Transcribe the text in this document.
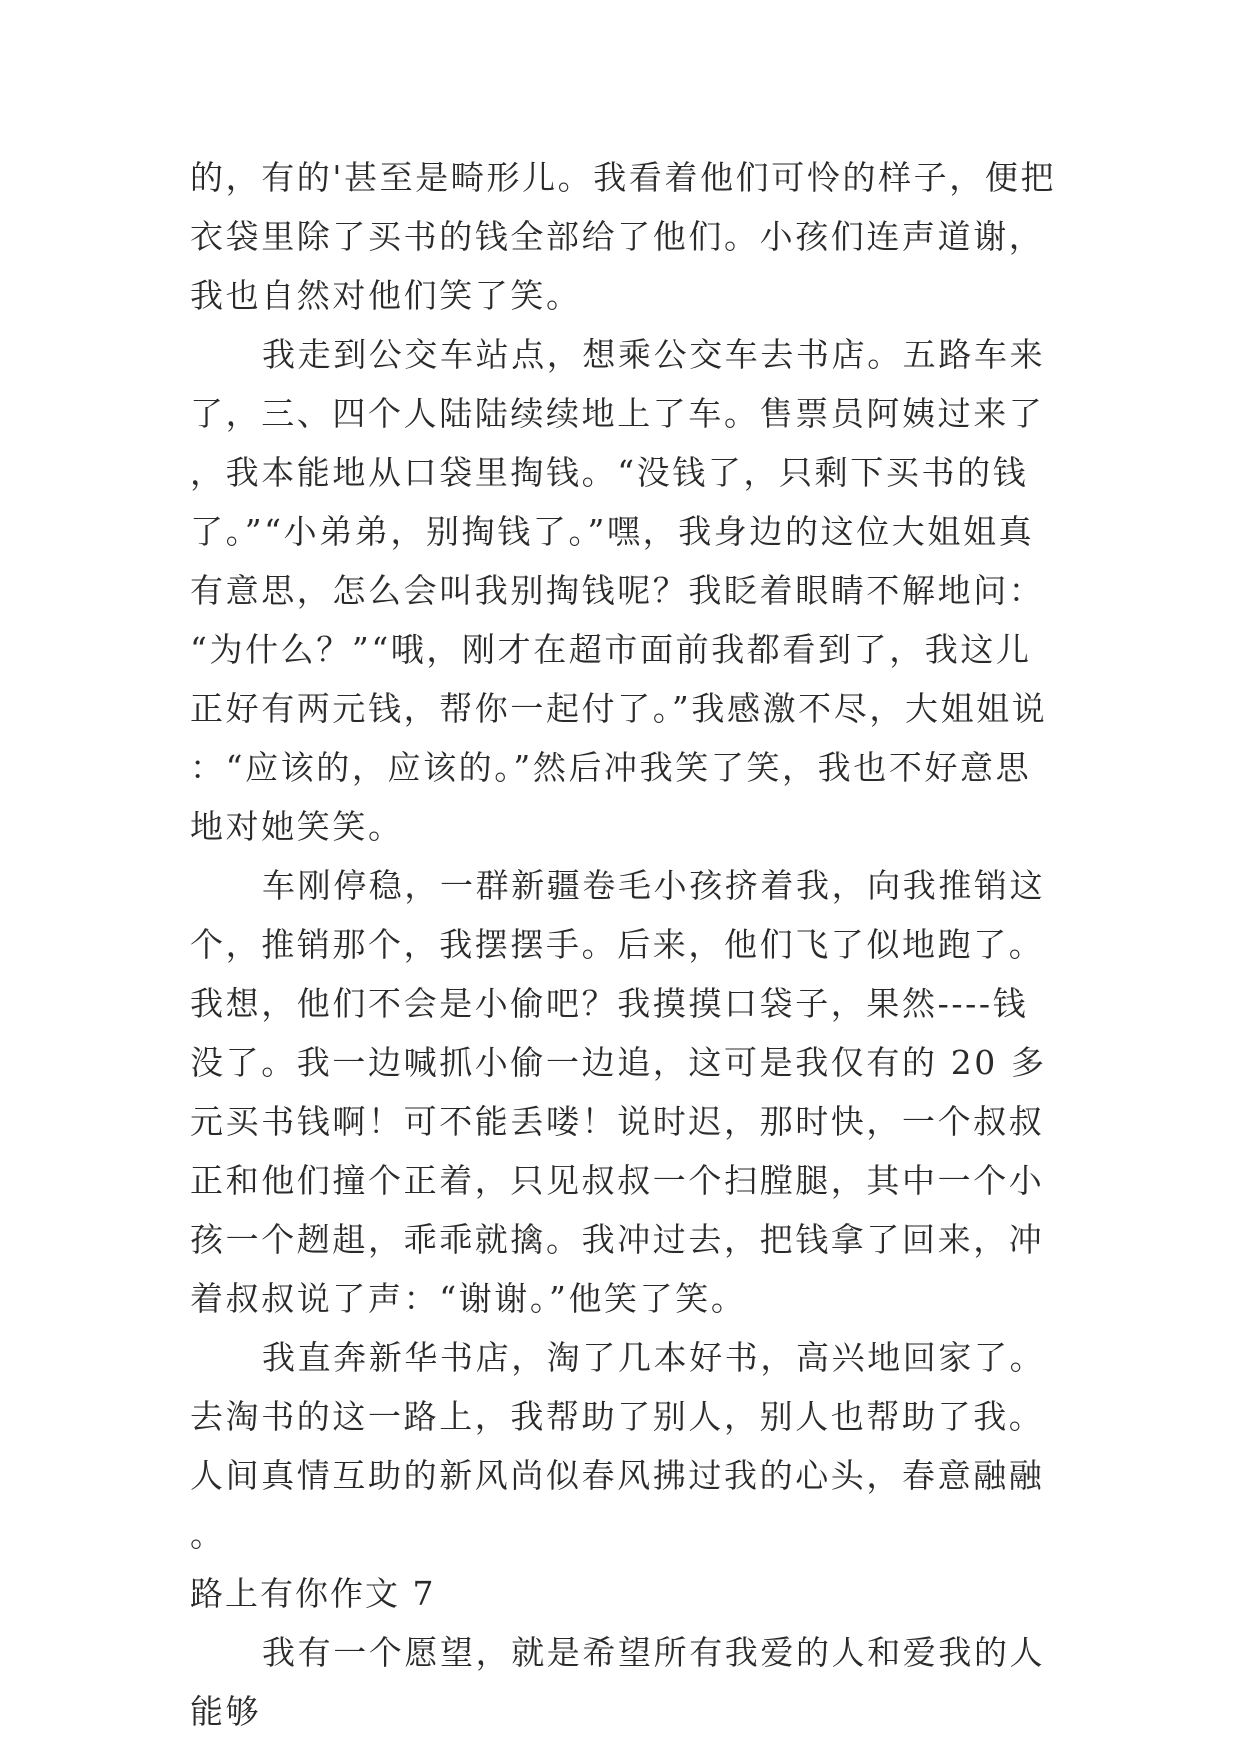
的，有的'甚至是畸形儿。我看着他们可怜的样子，便把衣袋里除了买书的钱全部给了他们。小孩们连声道谢，我也自然对他们笑了笑。

我走到公交车站点，想乘公交车去书店。五路车来了，三、四个人陆陆续续地上了车。售票员阿姨过来了，我本能地从口袋里掏钱。“没钱了，只剩下买书的钱了。”“小弟弟，别掏钱了。”嘿，我身边的这位大姐姐真有意思，怎么会叫我别掏钱呢？我眨着眼睛不解地问：“为什么？”“哦，刚才在超市面前我都看到了，我这儿正好有两元钱，帮你一起付了。”我感激不尽，大姐姐说：“应该的，应该的。”然后冲我笑了笑，我也不好意思地对她笑笑。

车刚停稳，一群新疆卷毛小孩挤着我，向我推销这个，推销那个，我摆摆手。后来，他们飞了似地跑了。我想，他们不会是小偷吧？我摸摸口袋子，果然----钱没了。我一边喊抓小偷一边追，这可是我仅有的 20 多元买书钱啊！可不能丢喽！说时迟，那时快，一个叔叔正和他们撞个正着，只见叔叔一个扫膛腿，其中一个小孩一个趔趄，乖乖就擒。我冲过去，把钱拿了回来，冲着叔叔说了声：“谢谢。”他笑了笑。

我直奔新华书店，淘了几本好书，高兴地回家了。去淘书的这一路上，我帮助了别人，别人也帮助了我。人间真情互助的新风尚似春风拂过我的心头，春意融融。

路上有你作文 7

我有一个愿望，就是希望所有我爱的人和爱我的人能够
